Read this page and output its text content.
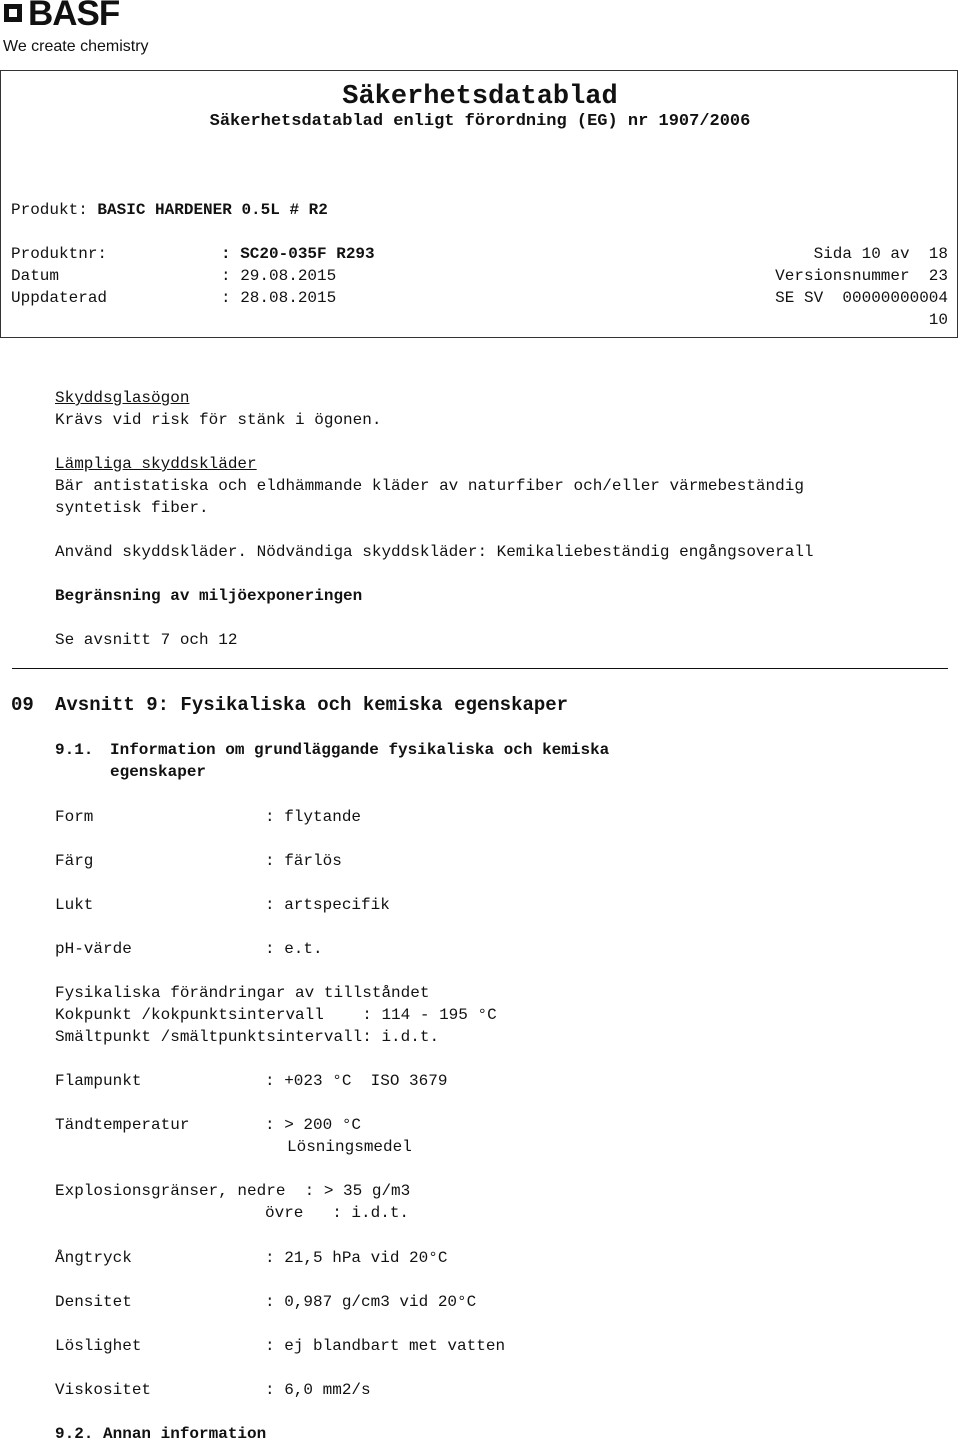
BASF
We create chemistry
Säkerhetsdatablad
Säkerhetsdatablad enligt förordning (EG) nr 1907/2006
Produkt: BASIC HARDENER 0.5L # R2
Produktnr:	: SC20-035F R293	Sida 10 av  18
Datum	: 29.08.2015	Versionsnummer  23
Uppdaterad	: 28.08.2015	SE SV  00000000004
10
Skyddsglasögon
Krävs vid risk för stänk i ögonen.
Lämpliga skyddskläder
Bär antistatiska och eldhämmande kläder av naturfiber och/eller värmebeständig
syntetisk fiber.
Använd skyddskläder. Nödvändiga skyddskläder: Kemikaliebeständig engångsoverall
Begränsning av miljöexponeringen
Se avsnitt 7 och 12
09 Avsnitt 9: Fysikaliska och kemiska egenskaper
9.1. Information om grundläggande fysikaliska och kemiska
egenskaper
Form	: flytande
Färg	: färlös
Lukt	: artspecifik
pH-värde	: e.t.
Fysikaliska förändringar av tillståndet
Kokpunkt /kokpunktsintervall    : 114 - 195 °C
Smältpunkt /smältpunktsintervall: i.d.t.
Flampunkt	: +023 °C  ISO 3679
Tändtemperatur	: > 200 °C
Lösningsmedel
Explosionsgränser, nedre  : > 35 g/m3
övre   : i.d.t.
Ångtryck	: 21,5 hPa vid 20°C
Densitet	: 0,987 g/cm3 vid 20°C
Löslighet	: ej blandbart met vatten
Viskositet	: 6,0 mm2/s
9.2. Annan information
